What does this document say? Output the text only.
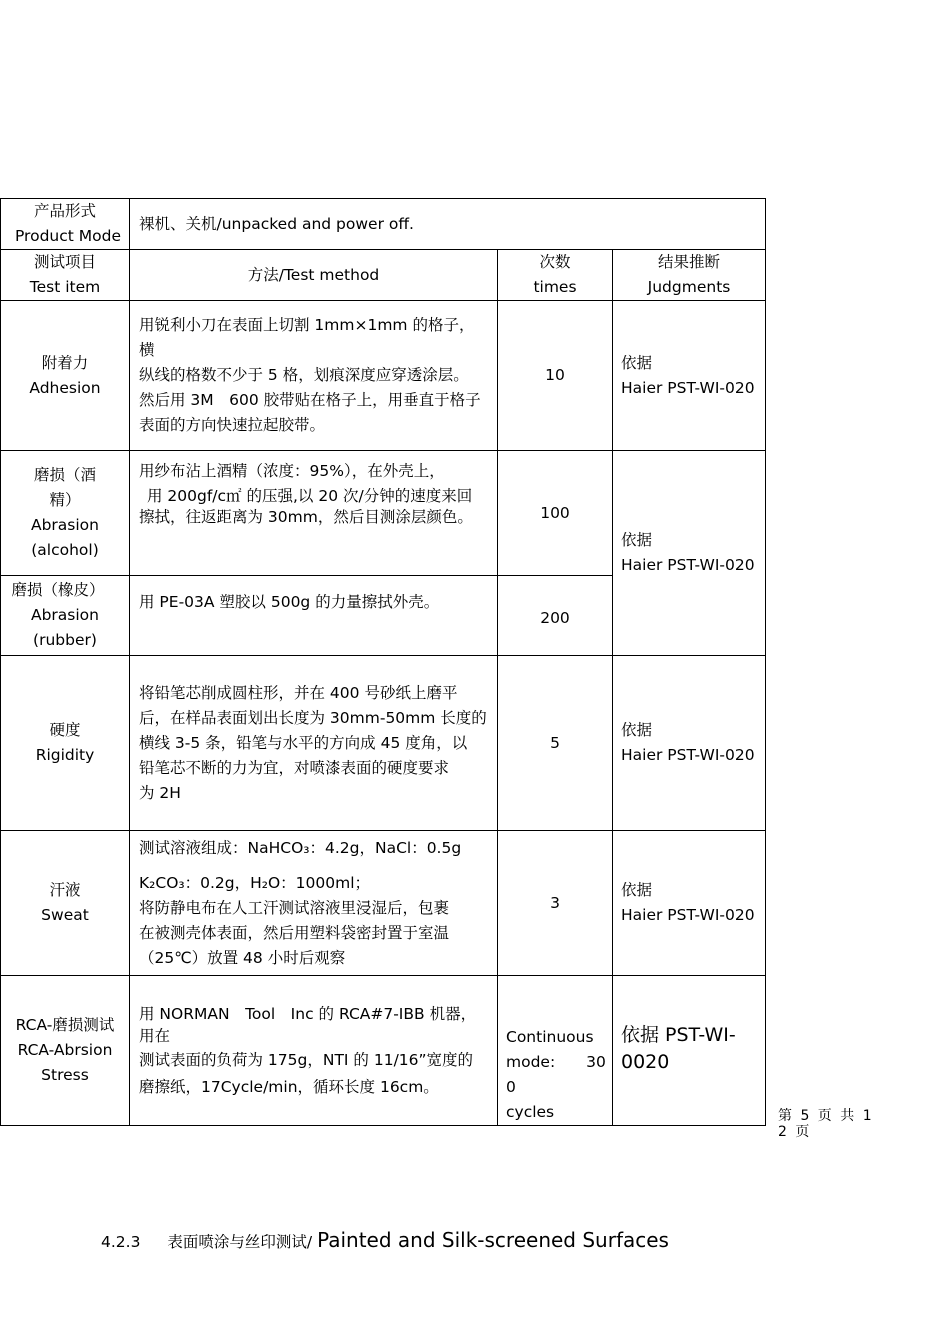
产品形式
Product Mode	裸机、关机/unpacked and power off.		

测试项目
Test item	方法/Test method	次数
times	结果推断
Judgments

附着力
Adhesion	用锐利小刀在表面上切割 1mm×1mm 的格子，
横
纵线的格数不少于 5 格，划痕深度应穿透涂层。
然后用 3M　600 胶带贴在格子上，用垂直于格子
表面的方向快速拉起胶带。	10	依据
Haier PST-WI-020

磨损（酒
精）
Abrasion
(alcohol)	用纱布沾上酒精（浓度：95%），在外壳上，
用 200gf/c㎡ 的压强,以 20 次/分钟的速度来回
擦拭，往返距离为 30mm，然后目测涂层颜色。	100	依据
Haier PST-WI-020

磨损（橡皮）
Abrasion
(rubber)	用 PE-03A 塑胶以 500g 的力量擦拭外壳。	200	

硬度
Rigidity	将铅笔芯削成圆柱形，并在 400 号砂纸上磨平
后，在样品表面划出长度为 30mm-50mm 长度的
横线 3-5 条，铅笔与水平的方向成 45 度角，以
铅笔芯不断的力为宜，对喷漆表面的硬度要求
为 2H	5	依据
Haier PST-WI-020

汗液
Sweat	测试溶液组成：NaHCO₃：4.2g，NaCl：0.5g
K₂CO₃：0.2g，H₂O：1000ml；
将防静电布在人工汗测试溶液里浸湿后，包裹
在被测壳体表面，然后用塑料袋密封置于室温
（25℃）放置 48 小时后观察	3	依据
Haier PST-WI-020

RCA-磨损测试
RCA-Abrsion
Stress	用 NORMAN　Tool　Inc 的 RCA#7-IBB 机器，
用在
测试表面的负荷为 175g，NTI 的 11/16”宽度的
磨擦纸，17Cycle/min，循环长度 16cm。	Continuous
mode:　　30
0
cycles	依据 PST-WI-
0020
第 5 页 共 1 2 页
4.2.3 表面喷涂与丝印测试/ Painted and Silk-screened Surfaces
